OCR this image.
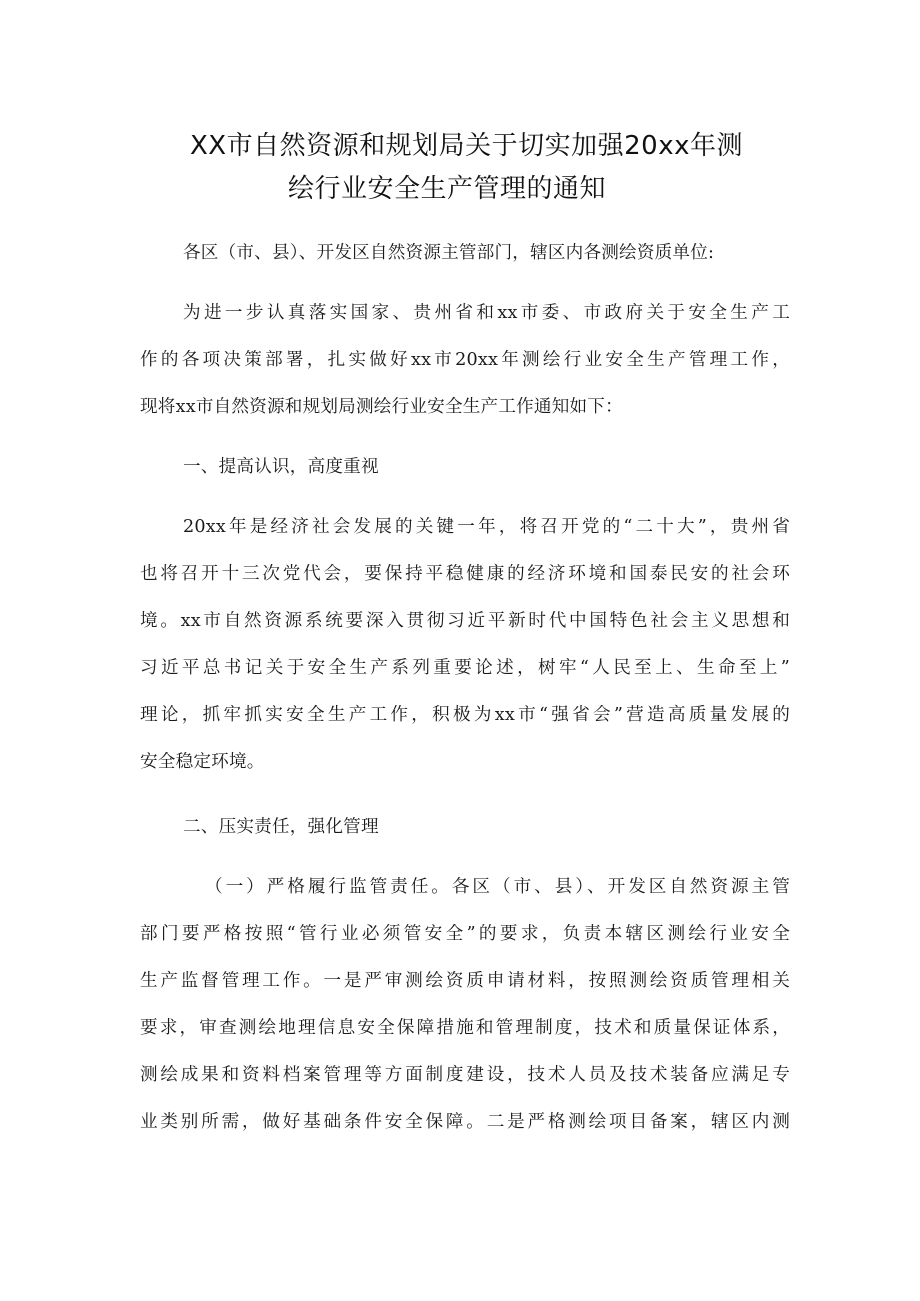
XX市自然资源和规划局关于切实加强20xx年测
绘行业安全生产管理的通知
各区（市、县）、开发区自然资源主管部门，辖区内各测绘资质单位:
为进一步认真落实国家、贵州省和xx市委、市政府关于安全生产工
作的各项决策部署，扎实做好xx市20xx年测绘行业安全生产管理工作，
现将xx市自然资源和规划局测绘行业安全生产工作通知如下：
一、提高认识，高度重视
20xx年是经济社会发展的关键一年，将召开党的“二十大”，贵州省
也将召开十三次党代会，要保持平稳健康的经济环境和国泰民安的社会环
境。xx市自然资源系统要深入贯彻习近平新时代中国特色社会主义思想和
习近平总书记关于安全生产系列重要论述，树牢“人民至上、生命至上”
理论，抓牢抓实安全生产工作，积极为xx市“强省会”营造高质量发展的
安全稳定环境。
二、压实责任，强化管理
（一）严格履行监管责任。各区（市、县）、开发区自然资源主管
部门要严格按照“管行业必须管安全”的要求，负责本辖区测绘行业安全
生产监督管理工作。一是严审测绘资质申请材料，按照测绘资质管理相关
要求，审查测绘地理信息安全保障措施和管理制度，技术和质量保证体系，
测绘成果和资料档案管理等方面制度建设，技术人员及技术装备应满足专
业类别所需，做好基础条件安全保障。二是严格测绘项目备案，辖区内测
